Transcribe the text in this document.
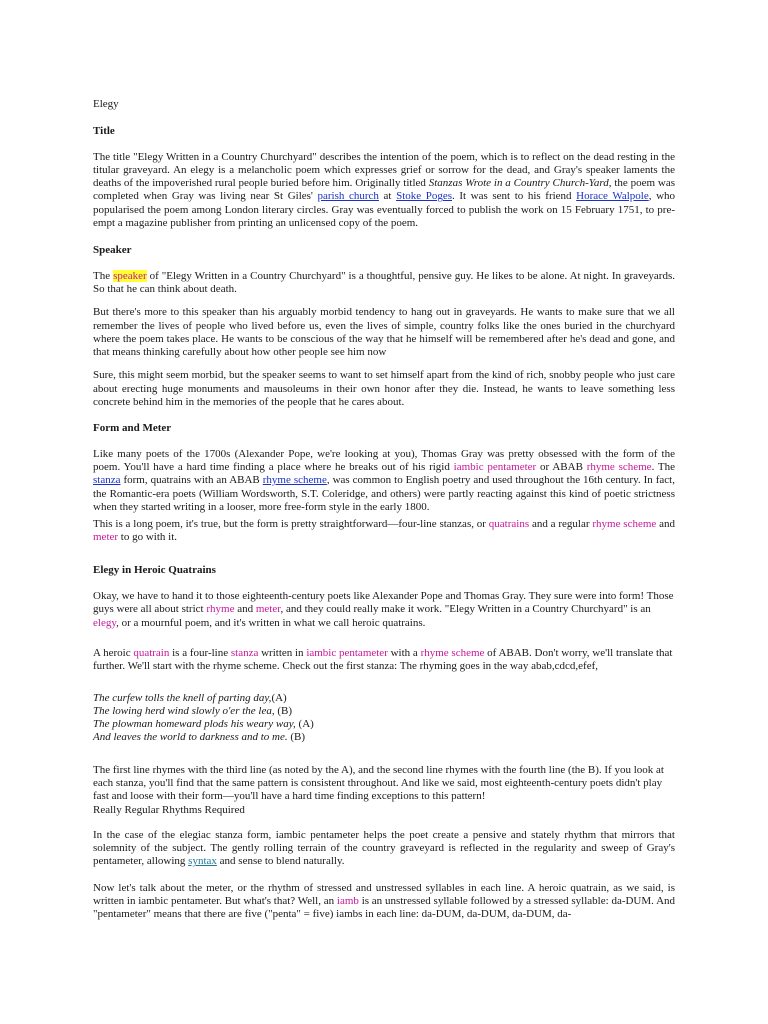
Elegy

Title

The title "Elegy Written in a Country Churchyard" describes the intention of the poem, which is to reflect on the dead resting in the titular graveyard. An elegy is a melancholic poem which expresses grief or sorrow for the dead, and Gray's speaker laments the deaths of the impoverished rural people buried before him. Originally titled Stanzas Wrote in a Country Church-Yard, the poem was completed when Gray was living near St Giles' parish church at Stoke Poges. It was sent to his friend Horace Walpole, who popularised the poem among London literary circles. Gray was eventually forced to publish the work on 15 February 1751, to pre-empt a magazine publisher from printing an unlicensed copy of the poem.

Speaker

The speaker of "Elegy Written in a Country Churchyard" is a thoughtful, pensive guy. He likes to be alone. At night. In graveyards. So that he can think about death.

But there's more to this speaker than his arguably morbid tendency to hang out in graveyards. He wants to make sure that we all remember the lives of people who lived before us, even the lives of simple, country folks like the ones buried in the churchyard where the poem takes place. He wants to be conscious of the way that he himself will be remembered after he's dead and gone, and that means thinking carefully about how other people see him now

Sure, this might seem morbid, but the speaker seems to want to set himself apart from the kind of rich, snobby people who just care about erecting huge monuments and mausoleums in their own honor after they die. Instead, he wants to leave something less concrete behind him in the memories of the people that he cares about.

Form and Meter

Like many poets of the 1700s (Alexander Pope, we're looking at you), Thomas Gray was pretty obsessed with the form of the poem. You'll have a hard time finding a place where he breaks out of his rigid iambic pentameter or ABAB rhyme scheme. The stanza form, quatrains with an ABAB rhyme scheme, was common to English poetry and used throughout the 16th century. In fact, the Romantic-era poets (William Wordsworth, S.T. Coleridge, and others) were partly reacting against this kind of poetic strictness when they started writing in a looser, more free-form style in the early 1800.

This is a long poem, it's true, but the form is pretty straightforward—four-line stanzas, or quatrains and a regular rhyme scheme and meter to go with it.

Elegy in Heroic Quatrains

Okay, we have to hand it to those eighteenth-century poets like Alexander Pope and Thomas Gray. They sure were into form! Those guys were all about strict rhyme and meter, and they could really make it work. "Elegy Written in a Country Churchyard" is an elegy, or a mournful poem, and it's written in what we call heroic quatrains.

A heroic quatrain is a four-line stanza written in iambic pentameter with a rhyme scheme of ABAB. Don't worry, we'll translate that further. We'll start with the rhyme scheme. Check out the first stanza: The rhyming goes in the way abab,cdcd,efef,

The curfew tolls the knell of parting day,(A)
The lowing herd wind slowly o'er the lea, (B)
The plowman homeward plods his weary way, (A)
And leaves the world to darkness and to me. (B)

The first line rhymes with the third line (as noted by the A), and the second line rhymes with the fourth line (the B). If you look at each stanza, you'll find that the same pattern is consistent throughout. And like we said, most eighteenth-century poets didn't play fast and loose with their form—you'll have a hard time finding exceptions to this pattern!

Really Regular Rhythms Required

In the case of the elegiac stanza form, iambic pentameter helps the poet create a pensive and stately rhythm that mirrors that solemnity of the subject. The gently rolling terrain of the country graveyard is reflected in the regularity and sweep of Gray's pentameter, allowing syntax and sense to blend naturally.

Now let's talk about the meter, or the rhythm of stressed and unstressed syllables in each line. A heroic quatrain, as we said, is written in iambic pentameter. But what's that? Well, an iamb is an unstressed syllable followed by a stressed syllable: da-DUM. And "pentameter" means that there are five ("penta" = five) iambs in each line: da-DUM, da-DUM, da-DUM, da-
